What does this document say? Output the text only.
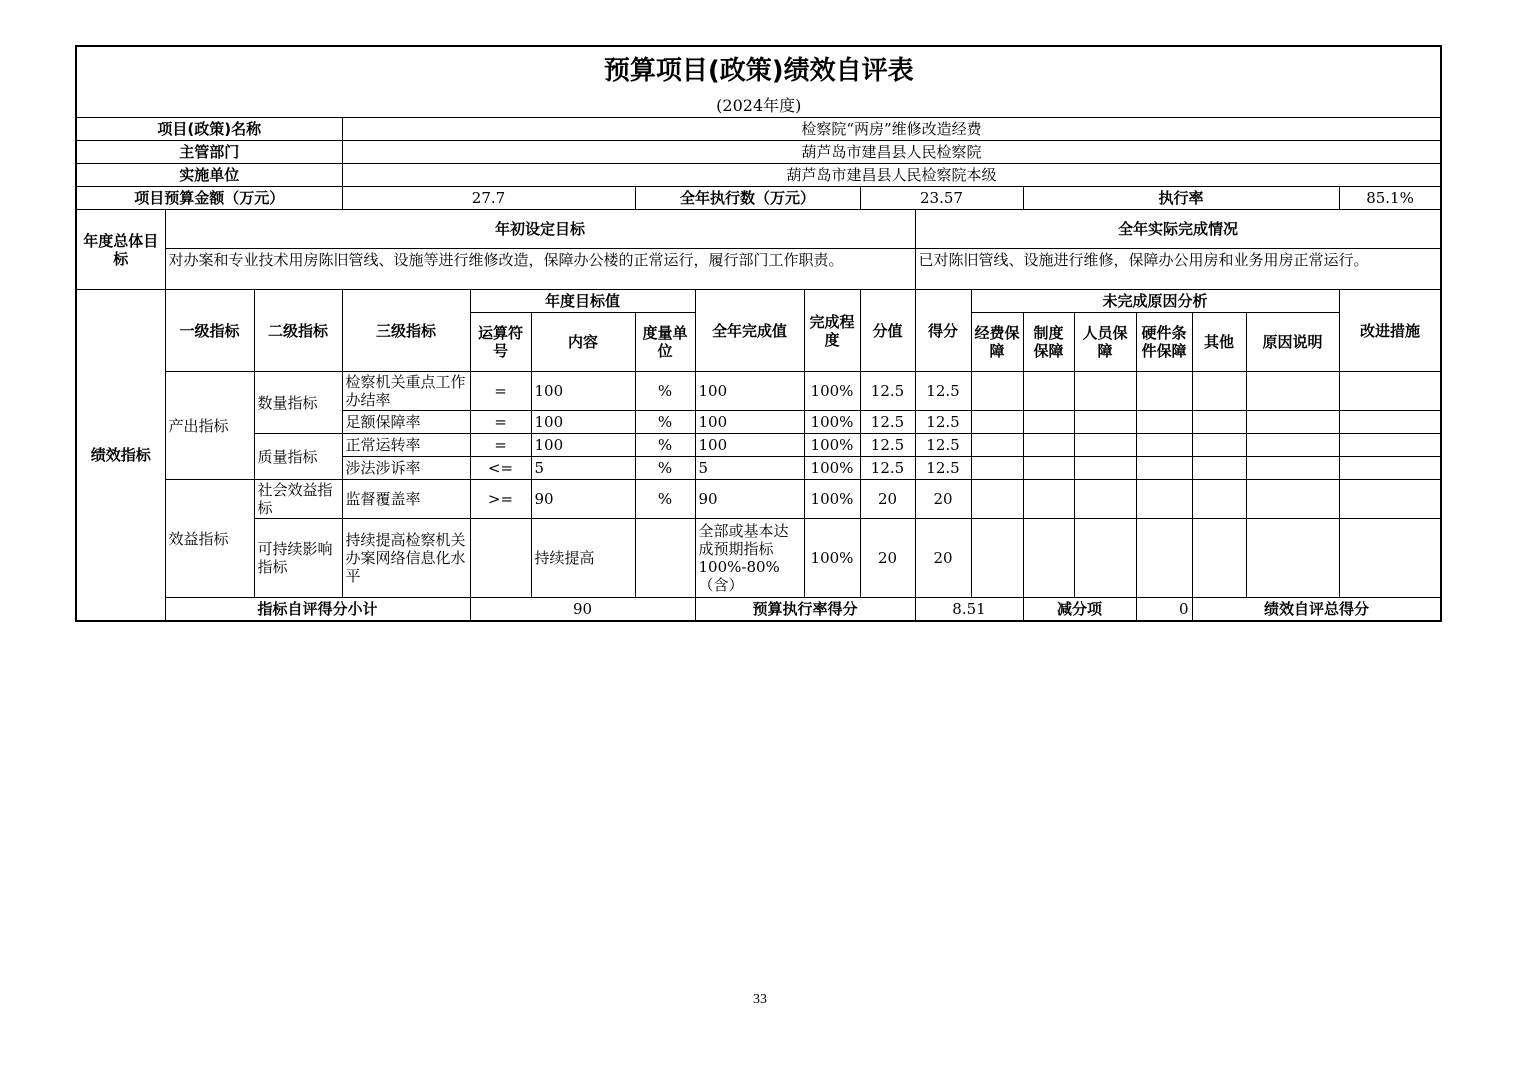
预算项目(政策)绩效自评表																		
(2024年度)																		
项目(政策)名称			检察院“两房”维修改造经费															
主管部门			葫芦岛市建昌县人民检察院															
实施单位			葫芦岛市建昌县人民检察院本级															
项目预算金额（万元）			27.7			全年执行数（万元）			23.57			执行率					85.1%	
年度总体目标	年初设定目标									全年实际完成情况								
	对办案和专业技术用房陈旧管线、设施等进行维修改造，保障办公楼的正常运行，履行部门工作职责。									已对陈旧管线、设施进行维修，保障办公用房和业务用房正常运行。								
绩效指标	一级指标	二级指标	三级指标	年度目标值			全年完成值	完成程度	分值	得分	未完成原因分析						改进措施	
				运算符号	内容	度量单位					经费保障	制度保障	人员保障	硬件条件保障	其他	原因说明		
	产出指标	数量指标	检察机关重点工作办结率	=	100	%	100	100%	12.5	12.5								
			足额保障率	=	100	%	100	100%	12.5	12.5								
		质量指标	正常运转率	=	100	%	100	100%	12.5	12.5								
			涉法涉诉率	<=	5	%	5	100%	12.5	12.5								
	效益指标	社会效益指标	监督覆盖率	>=	90	%	90	100%	20	20								
		可持续影响指标	持续提高检察机关办案网络信息化水平		持续提高		全部或基本达成预期指标100%-80%（含）	100%	20	20								
	指标自评得分小计			90			预算执行率得分			8.51		减分项		0	绩效自评总得分	
33
